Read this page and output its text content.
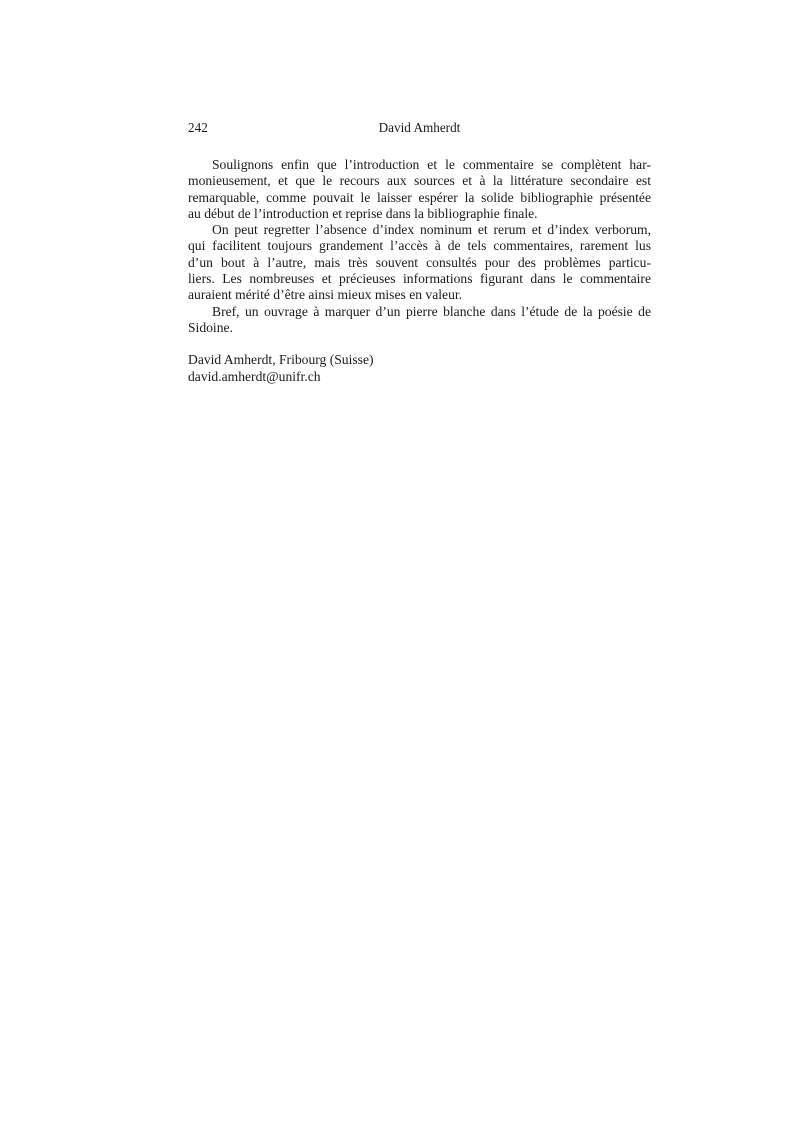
242	David Amherdt

Soulignons enfin que l’introduction et le commentaire se complètent har-
monieusement, et que le recours aux sources et à la littérature secondaire est
remarquable, comme pouvait le laisser espérer la solide bibliographie présentée
au début de l’introduction et reprise dans la bibliographie finale.

On peut regretter l’absence d’index nominum et rerum et d’index verborum,
qui facilitent toujours grandement l’accès à de tels commentaires, rarement lus
d’un bout à l’autre, mais très souvent consultés pour des problèmes particu-
liers. Les nombreuses et précieuses informations figurant dans le commentaire
auraient mérité d’être ainsi mieux mises en valeur.

Bref, un ouvrage à marquer d’un pierre blanche dans l’étude de la poésie de
Sidoine.

David Amherdt, Fribourg (Suisse)
david.amherdt@unifr.ch
